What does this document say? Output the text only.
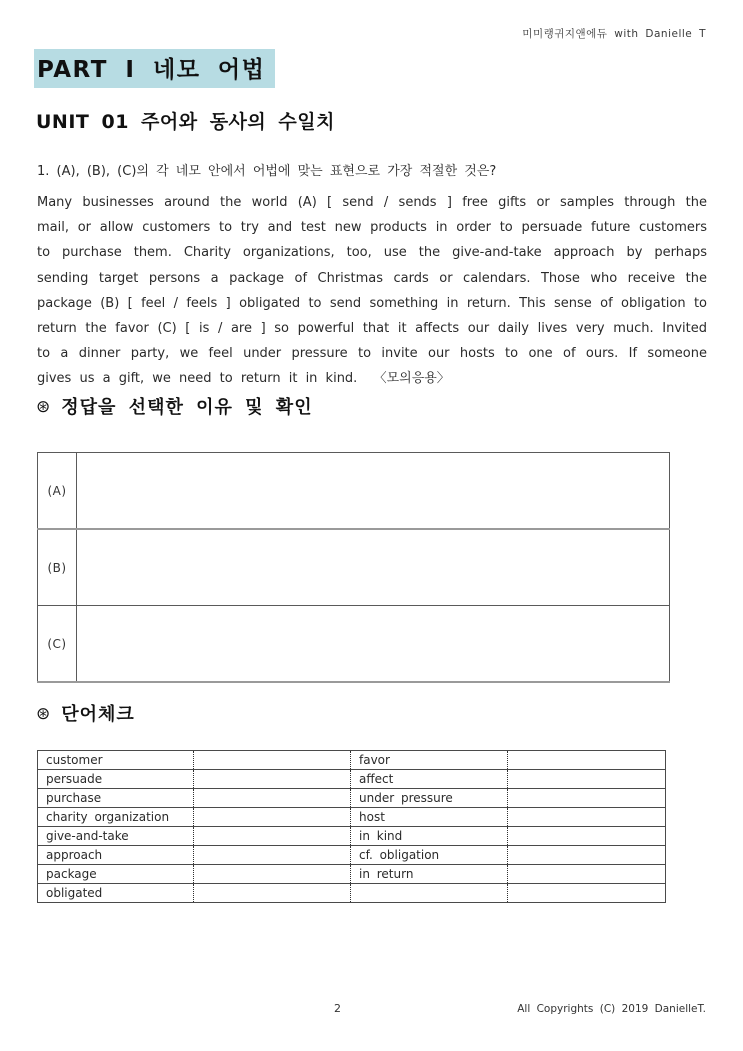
미미랭귀지앤에듀 with Danielle T
PART Ⅰ 네모 어법
UNIT 01 주어와 동사의 수일치
1. (A), (B), (C)의 각 네모 안에서 어법에 맞는 표현으로 가장 적절한 것은?

Many businesses around the world (A) [ send / sends ] free gifts or samples through the mail, or allow customers to try and test new products in order to persuade future customers to purchase them. Charity organizations, too, use the give-and-take approach by perhaps sending target persons a package of Christmas cards or calendars. Those who receive the package (B) [ feel / feels ] obligated to send something in return. This sense of obligation to return the favor (C) [ is / are ] so powerful that it affects our daily lives very much. Invited to a dinner party, we feel under pressure to invite our hosts to one of ours. If someone gives us a gift, we need to return it in kind. 〈모의응용〉

⊛ 정답을 선택한 이유 및 확인
(A)	
(B)	
(C)	
⊛ 단어체크
customer		favor	
persuade		affect	
purchase		under pressure	
charity organization		host	
give-and-take		in kind	
approach		cf. obligation	
package		in return	
obligated			
2	All Copyrights (C) 2019 DanielleT.
